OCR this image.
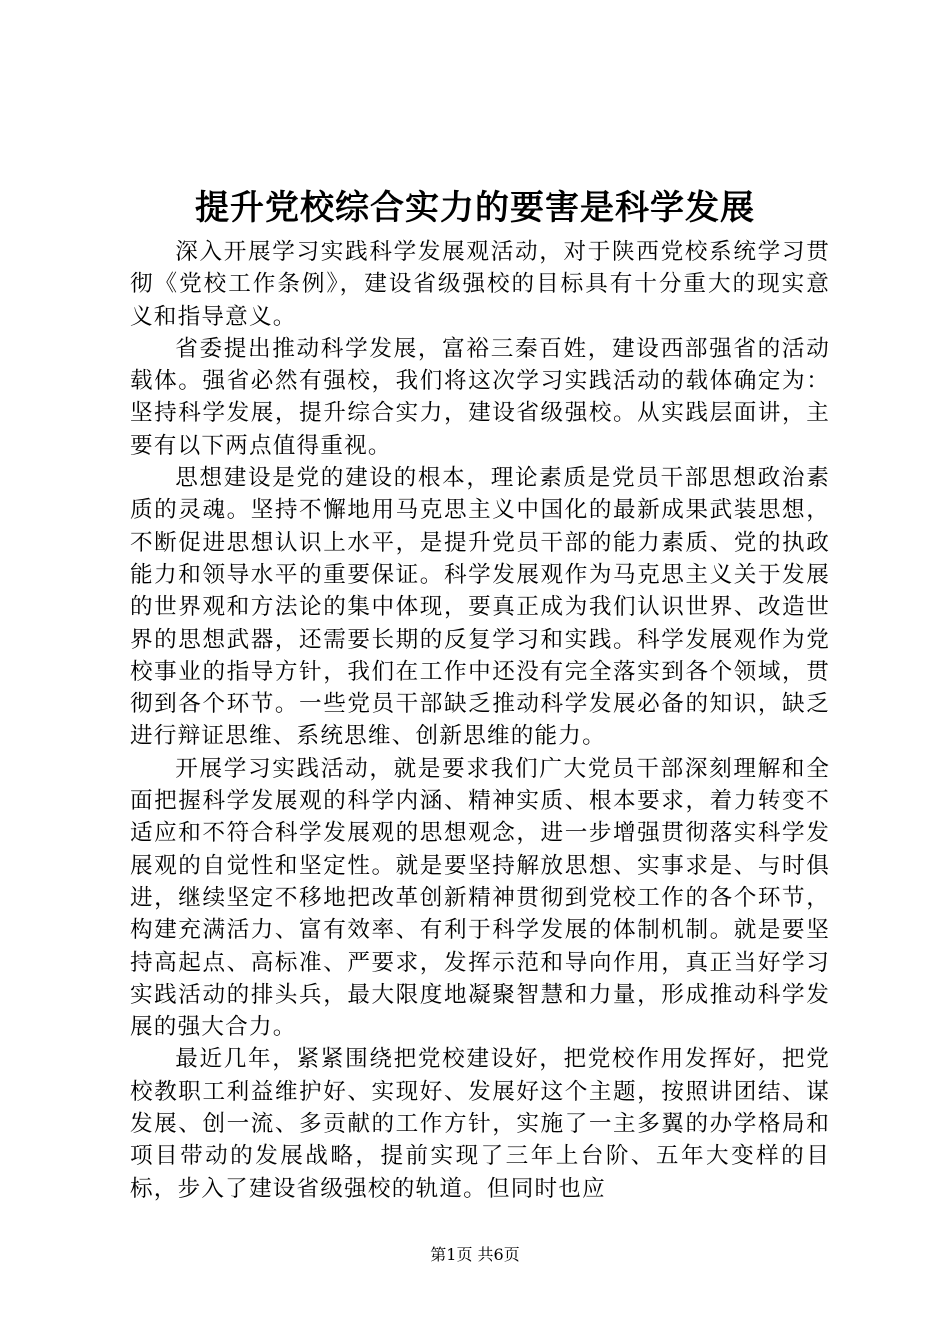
提升党校综合实力的要害是科学发展

深入开展学习实践科学发展观活动，对于陕西党校系统学习贯彻《党校工作条例》，建设省级强校的目标具有十分重大的现实意义和指导意义。

省委提出推动科学发展，富裕三秦百姓，建设西部强省的活动载体。强省必然有强校，我们将这次学习实践活动的载体确定为：坚持科学发展，提升综合实力，建设省级强校。从实践层面讲，主要有以下两点值得重视。

思想建设是党的建设的根本，理论素质是党员干部思想政治素质的灵魂。坚持不懈地用马克思主义中国化的最新成果武装思想，不断促进思想认识上水平，是提升党员干部的能力素质、党的执政能力和领导水平的重要保证。科学发展观作为马克思主义关于发展的世界观和方法论的集中体现，要真正成为我们认识世界、改造世界的思想武器，还需要长期的反复学习和实践。科学发展观作为党校事业的指导方针，我们在工作中还没有完全落实到各个领域，贯彻到各个环节。一些党员干部缺乏推动科学发展必备的知识，缺乏进行辩证思维、系统思维、创新思维的能力。

开展学习实践活动，就是要求我们广大党员干部深刻理解和全面把握科学发展观的科学内涵、精神实质、根本要求，着力转变不适应和不符合科学发展观的思想观念，进一步增强贯彻落实科学发展观的自觉性和坚定性。就是要坚持解放思想、实事求是、与时俱进，继续坚定不移地把改革创新精神贯彻到党校工作的各个环节，构建充满活力、富有效率、有利于科学发展的体制机制。就是要坚持高起点、高标准、严要求，发挥示范和导向作用，真正当好学习实践活动的排头兵，最大限度地凝聚智慧和力量，形成推动科学发展的强大合力。

最近几年，紧紧围绕把党校建设好，把党校作用发挥好，把党校教职工利益维护好、实现好、发展好这个主题，按照讲团结、谋发展、创一流、多贡献的工作方针，实施了一主多翼的办学格局和项目带动的发展战略，提前实现了三年上台阶、五年大变样的目标，步入了建设省级强校的轨道。但同时也应

第1页 共6页
